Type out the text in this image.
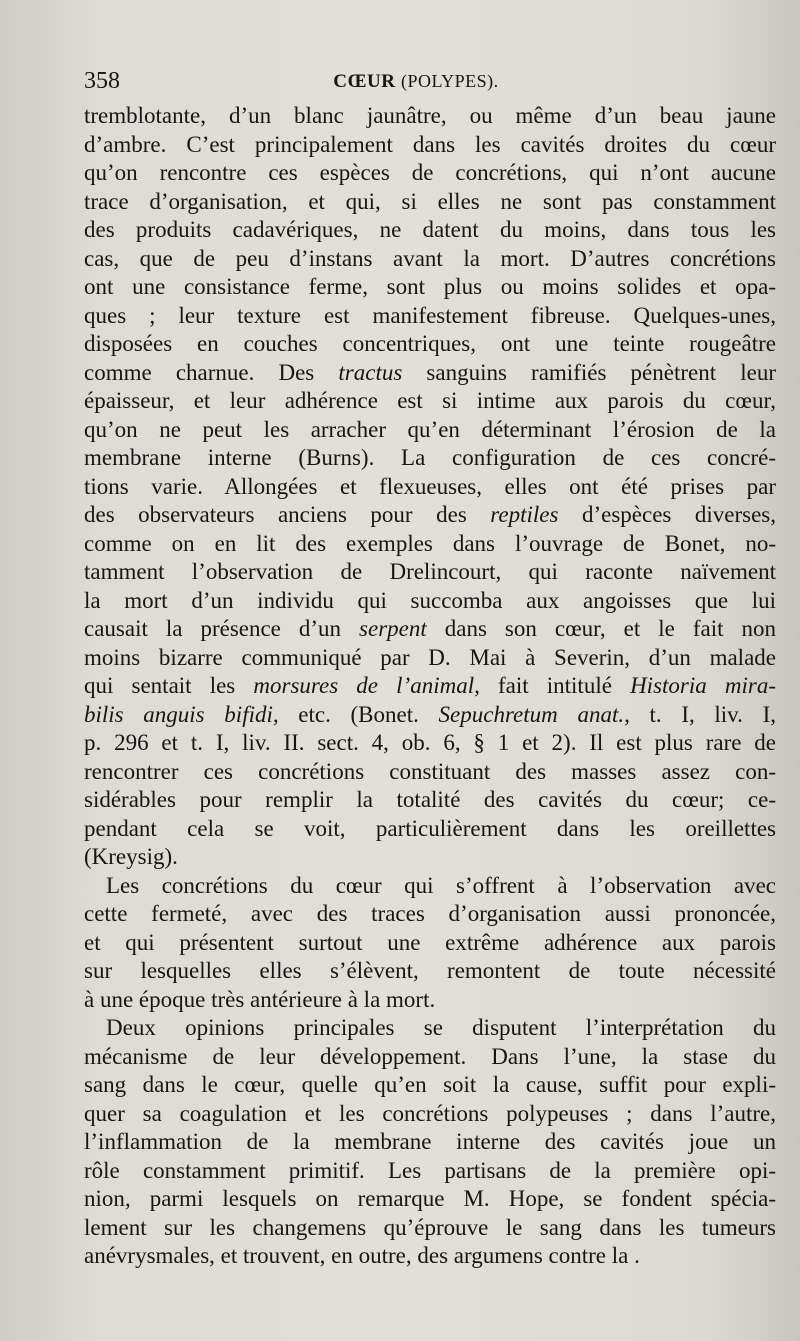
358	CŒUR (POLYPES).
tremblotante, d’un blanc jaunâtre, ou même d’un beau jaune
d’ambre. C’est principalement dans les cavités droites du cœur
qu’on rencontre ces espèces de concrétions, qui n’ont aucune
trace d’organisation, et qui, si elles ne sont pas constamment
des produits cadavériques, ne datent du moins, dans tous les
cas, que de peu d’instans avant la mort. D’autres concrétions
ont une consistance ferme, sont plus ou moins solides et opa-
ques ; leur texture est manifestement fibreuse. Quelques-unes,
disposées en couches concentriques, ont une teinte rougeâtre
comme charnue. Des tractus sanguins ramifiés pénètrent leur
épaisseur, et leur adhérence est si intime aux parois du cœur,
qu’on ne peut les arracher qu’en déterminant l’érosion de la
membrane interne (Burns). La configuration de ces concré-
tions varie. Allongées et flexueuses, elles ont été prises par
des observateurs anciens pour des reptiles d’espèces diverses,
comme on en lit des exemples dans l’ouvrage de Bonet, no-
tamment l’observation de Drelincourt, qui raconte naïvement
la mort d’un individu qui succomba aux angoisses que lui
causait la présence d’un serpent dans son cœur, et le fait non
moins bizarre communiqué par D. Mai à Severin, d’un malade
qui sentait les morsures de l’animal, fait intitulé Historia mira-
bilis anguis bifidi, etc. (Bonet. Sepuchretum anat., t. I, liv. I,
p. 296 et t. I, liv. II. sect. 4, ob. 6, § 1 et 2). Il est plus rare de
rencontrer ces concrétions constituant des masses assez con-
sidérables pour remplir la totalité des cavités du cœur; ce-
pendant cela se voit, particulièrement dans les oreillettes
(Kreysig).
Les concrétions du cœur qui s’offrent à l’observation avec
cette fermeté, avec des traces d’organisation aussi prononcée,
et qui présentent surtout une extrême adhérence aux parois
sur lesquelles elles s’élèvent, remontent de toute nécessité
à une époque très antérieure à la mort.
Deux opinions principales se disputent l’interprétation du
mécanisme de leur développement. Dans l’une, la stase du
sang dans le cœur, quelle qu’en soit la cause, suffit pour expli-
quer sa coagulation et les concrétions polypeuses ; dans l’autre,
l’inflammation de la membrane interne des cavités joue un
rôle constamment primitif. Les partisans de la première opi-
nion, parmi lesquels on remarque M. Hope, se fondent spécia-
lement sur les changemens qu’éprouve le sang dans les tumeurs
anévrysmales, et trouvent, en outre, des argumens contre la .
